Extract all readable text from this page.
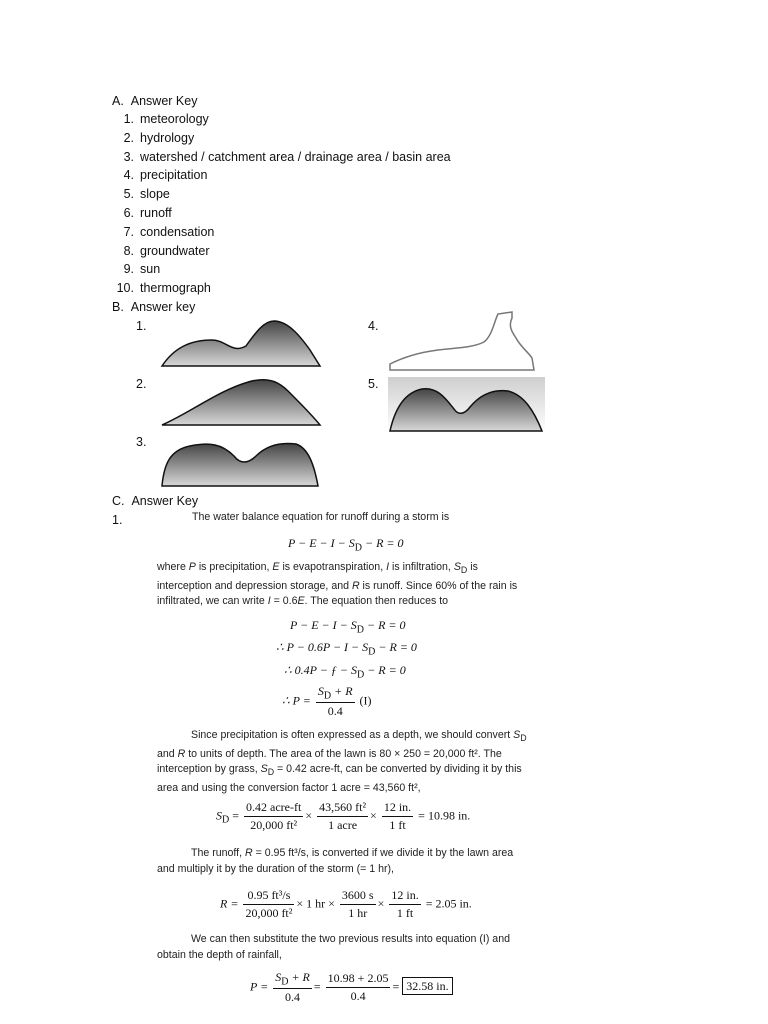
A.  Answer Key
1. meteorology
2. hydrology
3. watershed / catchment area / drainage area / basin area
4. precipitation
5. slope
6. runoff
7. condensation
8. groundwater
9. sun
10. thermograph
B.  Answer key
1.
2.
3.
4.
5.
C.  Answer Key
1.	The water balance equation for runoff during a storm is
$P - E - I - S_D - R = 0$
where P is precipitation, E is evapotranspiration, I is infiltration, $S_D$ is interception and depression storage, and R is runoff. Since 60% of the rain is infiltrated, we can write I = 0.6E. The equation then reduces to
$P - E - I - S_D - R = 0$
∴ $P - 0.6P - I - S_D - R = 0$
∴ 0.4P − ƒ − $S_D - R = 0$
∴ $P = \frac{S_D + R}{0.4} (I)$
Since precipitation is often expressed as a depth, we should convert $S_D$ and R to units of depth. The area of the lawn is 80 × 250 = 20,000 ft². The interception by grass, $S_D = 0.42$ acre-ft, can be converted by dividing it by this area and using the conversion factor 1 acre = 43,560 ft²,
$S_D = \frac{\text{0.42 acre-ft}}{\text{20,000 ft²}} \times \frac{\text{43,560 ft²}}{\text{1 acre}} \times \frac{12 in.}{1 ft} = 10.98$ in.
The runoff, R = 0.95 ft³/s, is converted if we divide it by the lawn area and multiply it by the duration of the storm (= 1 hr),
$R = \frac{\text{0.95 ft³/s}}{\text{20,000 ft²}} \times 1$ hr × $\frac{3600 s}{1 hr} \times \frac{12 in.}{1 ft} = 2.05$ in.
We can then substitute the two previous results into equation (I) and obtain the depth of rainfall,
$P = \frac{S_D + R}{0.4} = \frac{10.98 + 2.05}{0.4} = 32.58$ in.
